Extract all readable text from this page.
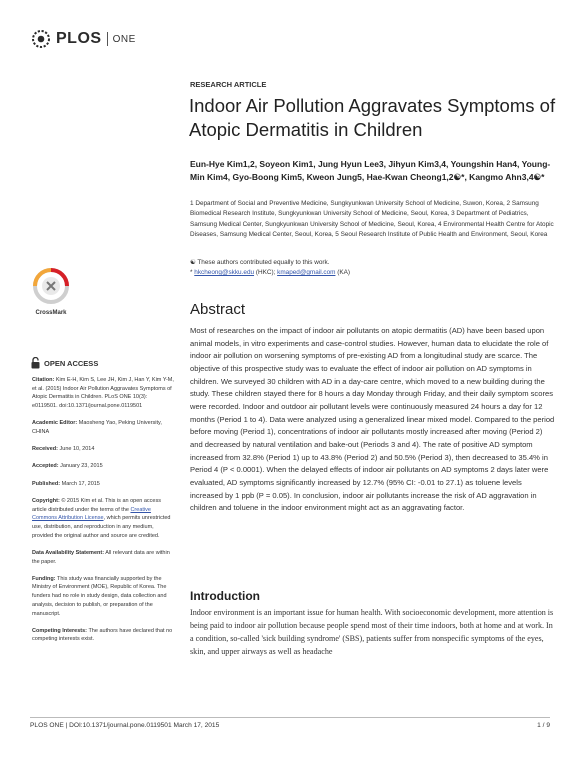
PLOS ONE
RESEARCH ARTICLE
Indoor Air Pollution Aggravates Symptoms of Atopic Dermatitis in Children
Eun-Hye Kim1,2, Soyeon Kim1, Jung Hyun Lee3, Jihyun Kim3,4, Youngshin Han4, Young-Min Kim4, Gyo-Boong Kim5, Kweon Jung5, Hae-Kwan Cheong1,2☯*, Kangmo Ahn3,4☯*
1 Department of Social and Preventive Medicine, Sungkyunkwan University School of Medicine, Suwon, Korea, 2 Samsung Biomedical Research Institute, Sungkyunkwan University School of Medicine, Seoul, Korea, 3 Department of Pediatrics, Samsung Medical Center, Sungkyunkwan University School of Medicine, Seoul, Korea, 4 Environmental Health Centre for Atopic Diseases, Samsung Medical Center, Seoul, Korea, 5 Seoul Research Institute of Public Health and Environment, Seoul, Korea
☯ These authors contributed equally to this work.
* hkcheong@skku.edu (HKC); kmaped@gmail.com (KA)
CrossMark
OPEN ACCESS
Citation: Kim E-H, Kim S, Lee JH, Kim J, Han Y, Kim Y-M, et al. (2015) Indoor Air Pollution Aggravates Symptoms of Atopic Dermatitis in Children. PLoS ONE 10(3): e0119501. doi:10.1371/journal.pone.0119501
Academic Editor: Maosheng Yao, Peking University, CHINA
Received: June 10, 2014
Accepted: January 23, 2015
Published: March 17, 2015
Copyright: © 2015 Kim et al. This is an open access article distributed under the terms of the Creative Commons Attribution License, which permits unrestricted use, distribution, and reproduction in any medium, provided the original author and source are credited.
Data Availability Statement: All relevant data are within the paper.
Funding: This study was financially supported by the Ministry of Environment (MOE), Republic of Korea. The funders had no role in study design, data collection and analysis, decision to publish, or preparation of the manuscript.
Competing Interests: The authors have declared that no competing interests exist.
Abstract
Most of researches on the impact of indoor air pollutants on atopic dermatitis (AD) have been based upon animal models, in vitro experiments and case-control studies. However, human data to elucidate the role of indoor air pollution on worsening symptoms of pre-existing AD from a longitudinal study are scarce. The objective of this prospective study was to evaluate the effect of indoor air pollution on AD symptoms in children. We surveyed 30 children with AD in a day-care centre, which moved to a new building during the study. These children stayed there for 8 hours a day Monday through Friday, and their daily symptom scores were recorded. Indoor and outdoor air pollutant levels were continuously measured 24 hours a day for 12 months (Period 1 to 4). Data were analyzed using a generalized linear mixed model. Compared to the period before moving (Period 1), concentrations of indoor air pollutants mostly increased after moving (Period 2) and decreased by natural ventilation and bake-out (Periods 3 and 4). The rate of positive AD symptom increased from 32.8% (Period 1) up to 43.8% (Period 2) and 50.5% (Period 3), then decreased to 35.4% in Period 4 (P < 0.0001). When the delayed effects of indoor air pollutants on AD symptoms 2 days later were evaluated, AD symptoms significantly increased by 12.7% (95% CI: -0.01 to 27.1) as toluene levels increased by 1 ppb (P = 0.05). In conclusion, indoor air pollutants increase the risk of AD aggravation in children and toluene in the indoor environment might act as an aggravating factor.
Introduction
Indoor environment is an important issue for human health. With socioeconomic development, more attention is being paid to indoor air pollution because people spend most of their time indoors, both at home and at work. In a condition, so-called 'sick building syndrome' (SBS), patients suffer from nonspecific symptoms of the eyes, skin, and upper airways as well as headache
PLOS ONE | DOI:10.1371/journal.pone.0119501 March 17, 2015	1 / 9
